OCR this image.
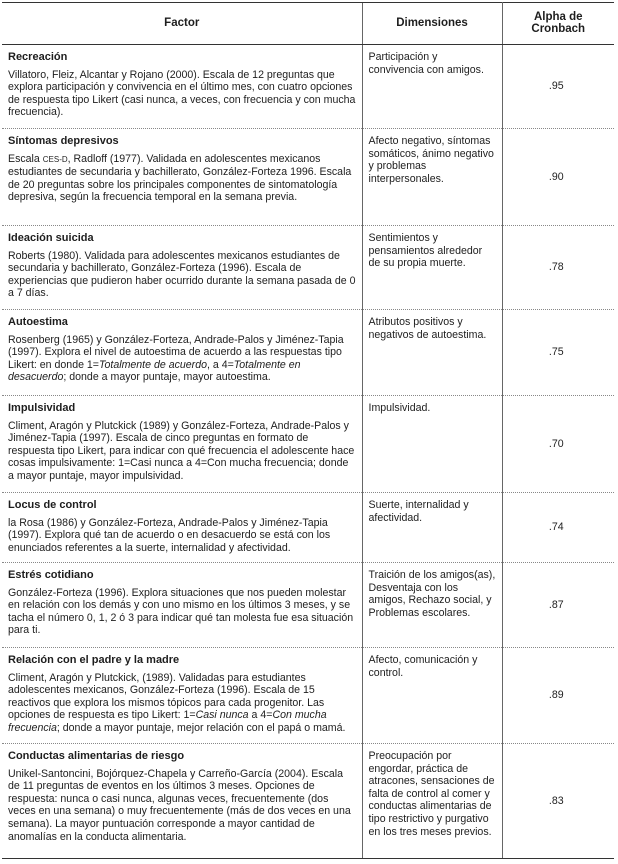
Factor	Dimensiones	Alpha de Cronbach

Recreación
Villatoro, Fleiz, Alcantar y Rojano (2000). Escala de 12 preguntas que explora participación y convivencia en el último mes, con cuatro opciones de respuesta tipo Likert (casi nunca, a veces, con frecuencia y con mucha frecuencia).	Participación y convivencia con amigos.	.95

Síntomas depresivos
Escala CES-D, Radloff (1977). Validada en adolescentes mexicanos estudiantes de secundaria y bachillerato, González-Forteza 1996. Escala de 20 preguntas sobre los principales componentes de sintomatología depresiva, según la frecuencia temporal en la semana previa.	Afecto negativo, síntomas somáticos, ánimo negativo y problemas interpersonales.	.90

Ideación suicida
Roberts (1980). Validada para adolescentes mexicanos estudiantes de secundaria y bachillerato, González-Forteza (1996). Escala de experiencias que pudieron haber ocurrido durante la semana pasada de 0 a 7 días.	Sentimientos y pensamientos alrededor de su propia muerte.	.78

Autoestima
Rosenberg (1965) y González-Forteza, Andrade-Palos y Jiménez-Tapia (1997). Explora el nivel de autoestima de acuerdo a las respuestas tipo Likert: en donde 1=Totalmente de acuerdo, a 4=Totalmente en desacuerdo; donde a mayor puntaje, mayor autoestima.	Atributos positivos y negativos de autoestima.	.75

Impulsividad
Climent, Aragón y Plutckick (1989) y González-Forteza, Andrade-Palos y Jiménez-Tapia (1997). Escala de cinco preguntas en formato de respuesta tipo Likert, para indicar con qué frecuencia el adolescente hace cosas impulsivamente: 1=Casi nunca a 4=Con mucha frecuencia; donde a mayor puntaje, mayor impulsividad.	Impulsividad.	.70

Locus de control
la Rosa (1986) y González-Forteza, Andrade-Palos y Jiménez-Tapia (1997). Explora qué tan de acuerdo o en desacuerdo se está con los enunciados referentes a la suerte, internalidad y afectividad.	Suerte, internalidad y afectividad.	.74

Estrés cotidiano
González-Forteza (1996). Explora situaciones que nos pueden molestar en relación con los demás y con uno mismo en los últimos 3 meses, y se tacha el número 0, 1, 2 ó 3 para indicar qué tan molesta fue esa situación para ti.	Traición de los amigos(as), Desventaja con los amigos, Rechazo social, y Problemas escolares.	.87

Relación con el padre y la madre
Climent, Aragón y Plutckick, (1989). Validadas para estudiantes adolescentes mexicanos, González-Forteza (1996). Escala de 15 reactivos que explora los mismos tópicos para cada progenitor. Las opciones de respuesta es tipo Likert: 1=Casi nunca a 4=Con mucha frecuencia; donde a mayor puntaje, mejor relación con el papá o mamá.	Afecto, comunicación y control.	.89

Conductas alimentarias de riesgo
Unikel-Santoncini, Bojórquez-Chapela y Carreño-García (2004). Escala de 11 preguntas de eventos en los últimos 3 meses. Opciones de respuesta: nunca o casi nunca, algunas veces, frecuentemente (dos veces en una semana) o muy frecuentemente (más de dos veces en una semana). La mayor puntuación corresponde a mayor cantidad de anomalías en la conducta alimentaria.	Preocupación por engordar, práctica de atracones, sensaciones de falta de control al comer y conductas alimentarias de tipo restrictivo y purgativo en los tres meses previos.	.83
